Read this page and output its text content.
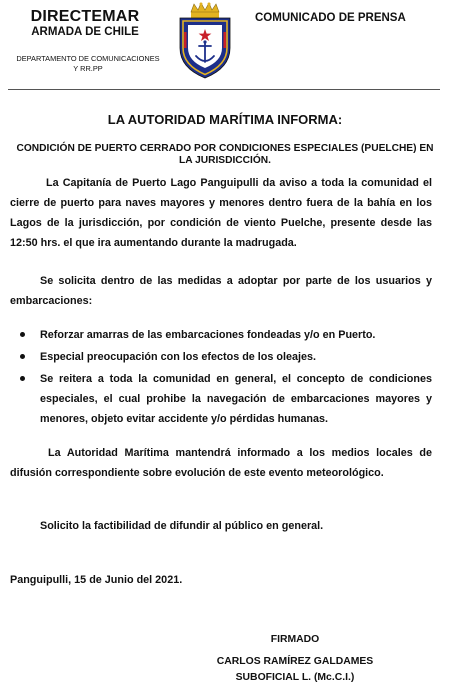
DIRECTEMAR
ARMADA DE CHILE
DEPARTAMENTO DE COMUNICACIONES
Y RR.PP
COMUNICADO DE PRENSA
LA AUTORIDAD MARÍTIMA INFORMA:
CONDICIÓN DE PUERTO CERRADO POR CONDICIONES ESPECIALES (PUELCHE) EN LA JURISDICCIÓN.
La Capitanía de Puerto Lago Panguipulli da aviso a toda la comunidad el cierre de puerto para naves mayores y menores dentro fuera de la bahía en los Lagos de la jurisdicción, por condición de viento Puelche, presente desde las 12:50 hrs. el que ira aumentando durante la madrugada.
Se solicita dentro de las medidas a adoptar por parte de los usuarios y embarcaciones:
Reforzar amarras de las embarcaciones fondeadas y/o en Puerto.
Especial preocupación con los efectos de los oleajes.
Se reitera a toda la comunidad en general, el concepto de condiciones especiales, el cual prohibe la navegación de embarcaciones mayores y menores, objeto evitar accidente y/o pérdidas humanas.
La Autoridad Marítima mantendrá informado a los medios locales de difusión correspondiente sobre evolución de este evento meteorológico.
Solicito la factibilidad de difundir al público en general.
Panguipulli, 15 de Junio del 2021.
FIRMADO
CARLOS RAMÍREZ GALDAMES
SUBOFICIAL L. (Mc.C.I.)
